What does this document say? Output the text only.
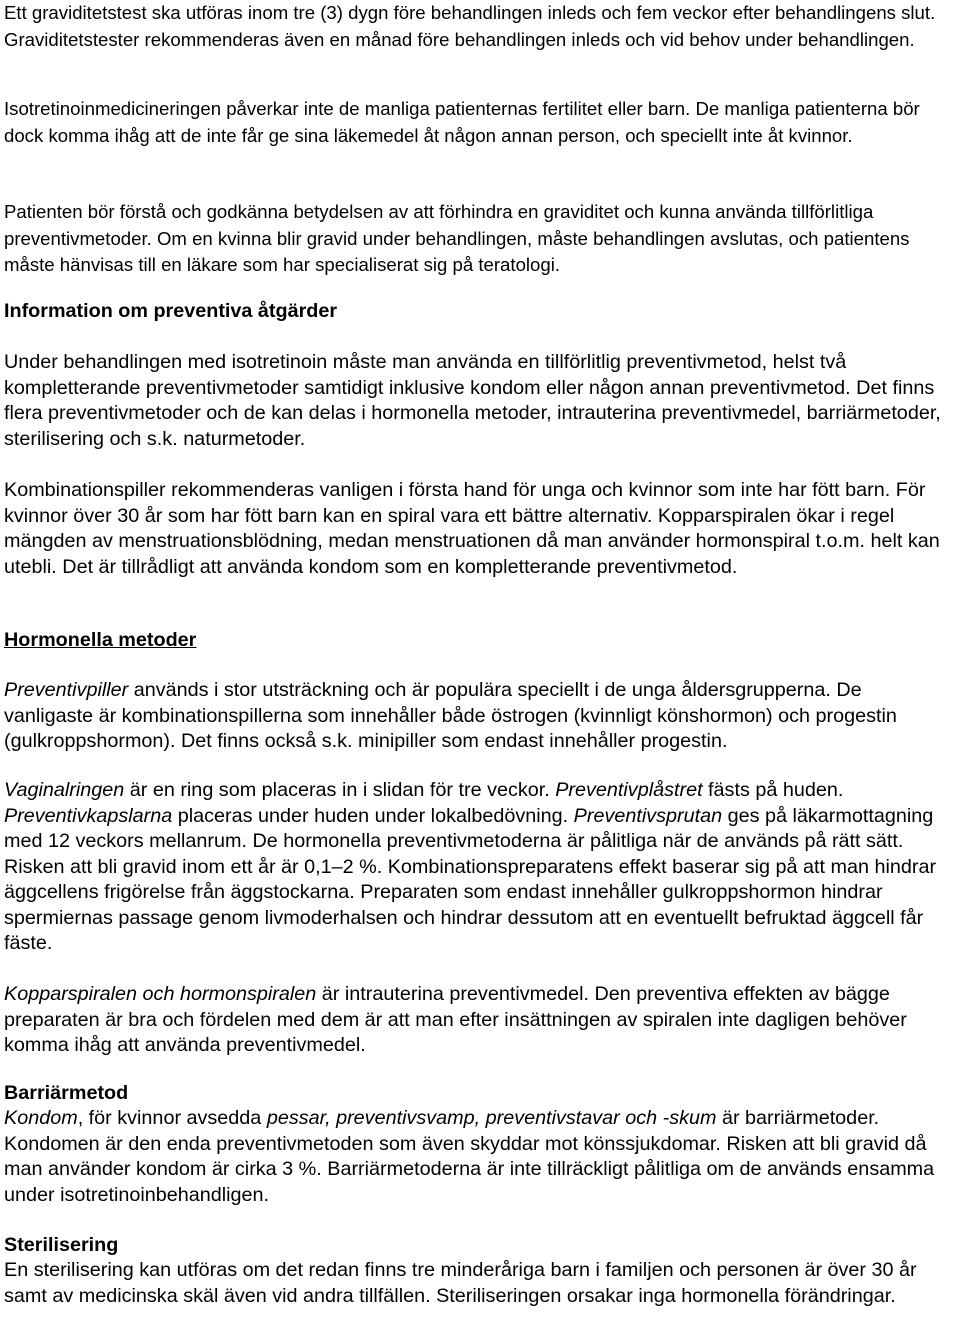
Ett graviditetstest ska utföras inom tre (3) dygn före behandlingen inleds och fem veckor efter behandlingens slut. Graviditetstester rekommenderas även en månad före behandlingen inleds och vid behov under behandlingen.

Isotretinoinmedicineringen påverkar inte de manliga patienternas fertilitet eller barn. De manliga patienterna bör dock komma ihåg att de inte får ge sina läkemedel åt någon annan person, och speciellt inte åt kvinnor.

Patienten bör förstå och godkänna betydelsen av att förhindra en graviditet och kunna använda tillförlitliga preventivmetoder. Om en kvinna blir gravid under behandlingen, måste behandlingen avslutas, och patientens måste hänvisas till en läkare som har specialiserat sig på teratologi.

Information om preventiva åtgärder

Under behandlingen med isotretinoin måste man använda en tillförlitlig preventivmetod, helst två kompletterande preventivmetoder samtidigt inklusive kondom eller någon annan preventivmetod. Det finns flera preventivmetoder och de kan delas i hormonella metoder, intrauterina preventivmedel, barriärmetoder, sterilisering och s.k. naturmetoder.

Kombinationspiller rekommenderas vanligen i första hand för unga och kvinnor som inte har fött barn. För kvinnor över 30 år som har fött barn kan en spiral vara ett bättre alternativ. Kopparspiralen ökar i regel mängden av menstruationsblödning, medan menstruationen då man använder hormonspiral t.o.m. helt kan utebli. Det är tillrådligt att använda kondom som en kompletterande preventivmetod.

Hormonella metoder

Preventivpiller används i stor utsträckning och är populära speciellt i de unga åldersgrupperna. De vanligaste är kombinationspillerna som innehåller både östrogen (kvinnligt könshormon) och progestin (gulkroppshormon). Det finns också s.k. minipiller som endast innehåller progestin.

Vaginalringen är en ring som placeras in i slidan för tre veckor. Preventivplåstret fästs på huden. Preventivkapslarna placeras under huden under lokalbedövning. Preventivsprutan ges på läkarmottagning med 12 veckors mellanrum. De hormonella preventivmetoderna är pålitliga när de används på rätt sätt. Risken att bli gravid inom ett år är 0,1–2 %. Kombinationspreparatens effekt baserar sig på att man hindrar äggcellens frigörelse från äggstockarna. Preparaten som endast innehåller gulkroppshormon hindrar spermiernas passage genom livmoderhalsen och hindrar dessutom att en eventuellt befruktad äggcell får fäste.

Kopparspiralen och hormonspiralen är intrauterina preventivmedel. Den preventiva effekten av bägge preparaten är bra och fördelen med dem är att man efter insättningen av spiralen inte dagligen behöver komma ihåg att använda preventivmedel.

Barriärmetod

Kondom, för kvinnor avsedda pessar, preventivsvamp, preventivstavar och -skum är barriärmetoder. Kondomen är den enda preventivmetoden som även skyddar mot könssjukdomar. Risken att bli gravid då man använder kondom är cirka 3 %. Barriärmetoderna är inte tillräckligt pålitliga om de används ensamma under isotretinoinbehandligen.

Sterilisering

En sterilisering kan utföras om det redan finns tre minderåriga barn i familjen och personen är över 30 år samt av medicinska skäl även vid andra tillfällen. Steriliseringen orsakar inga hormonella förändringar.
